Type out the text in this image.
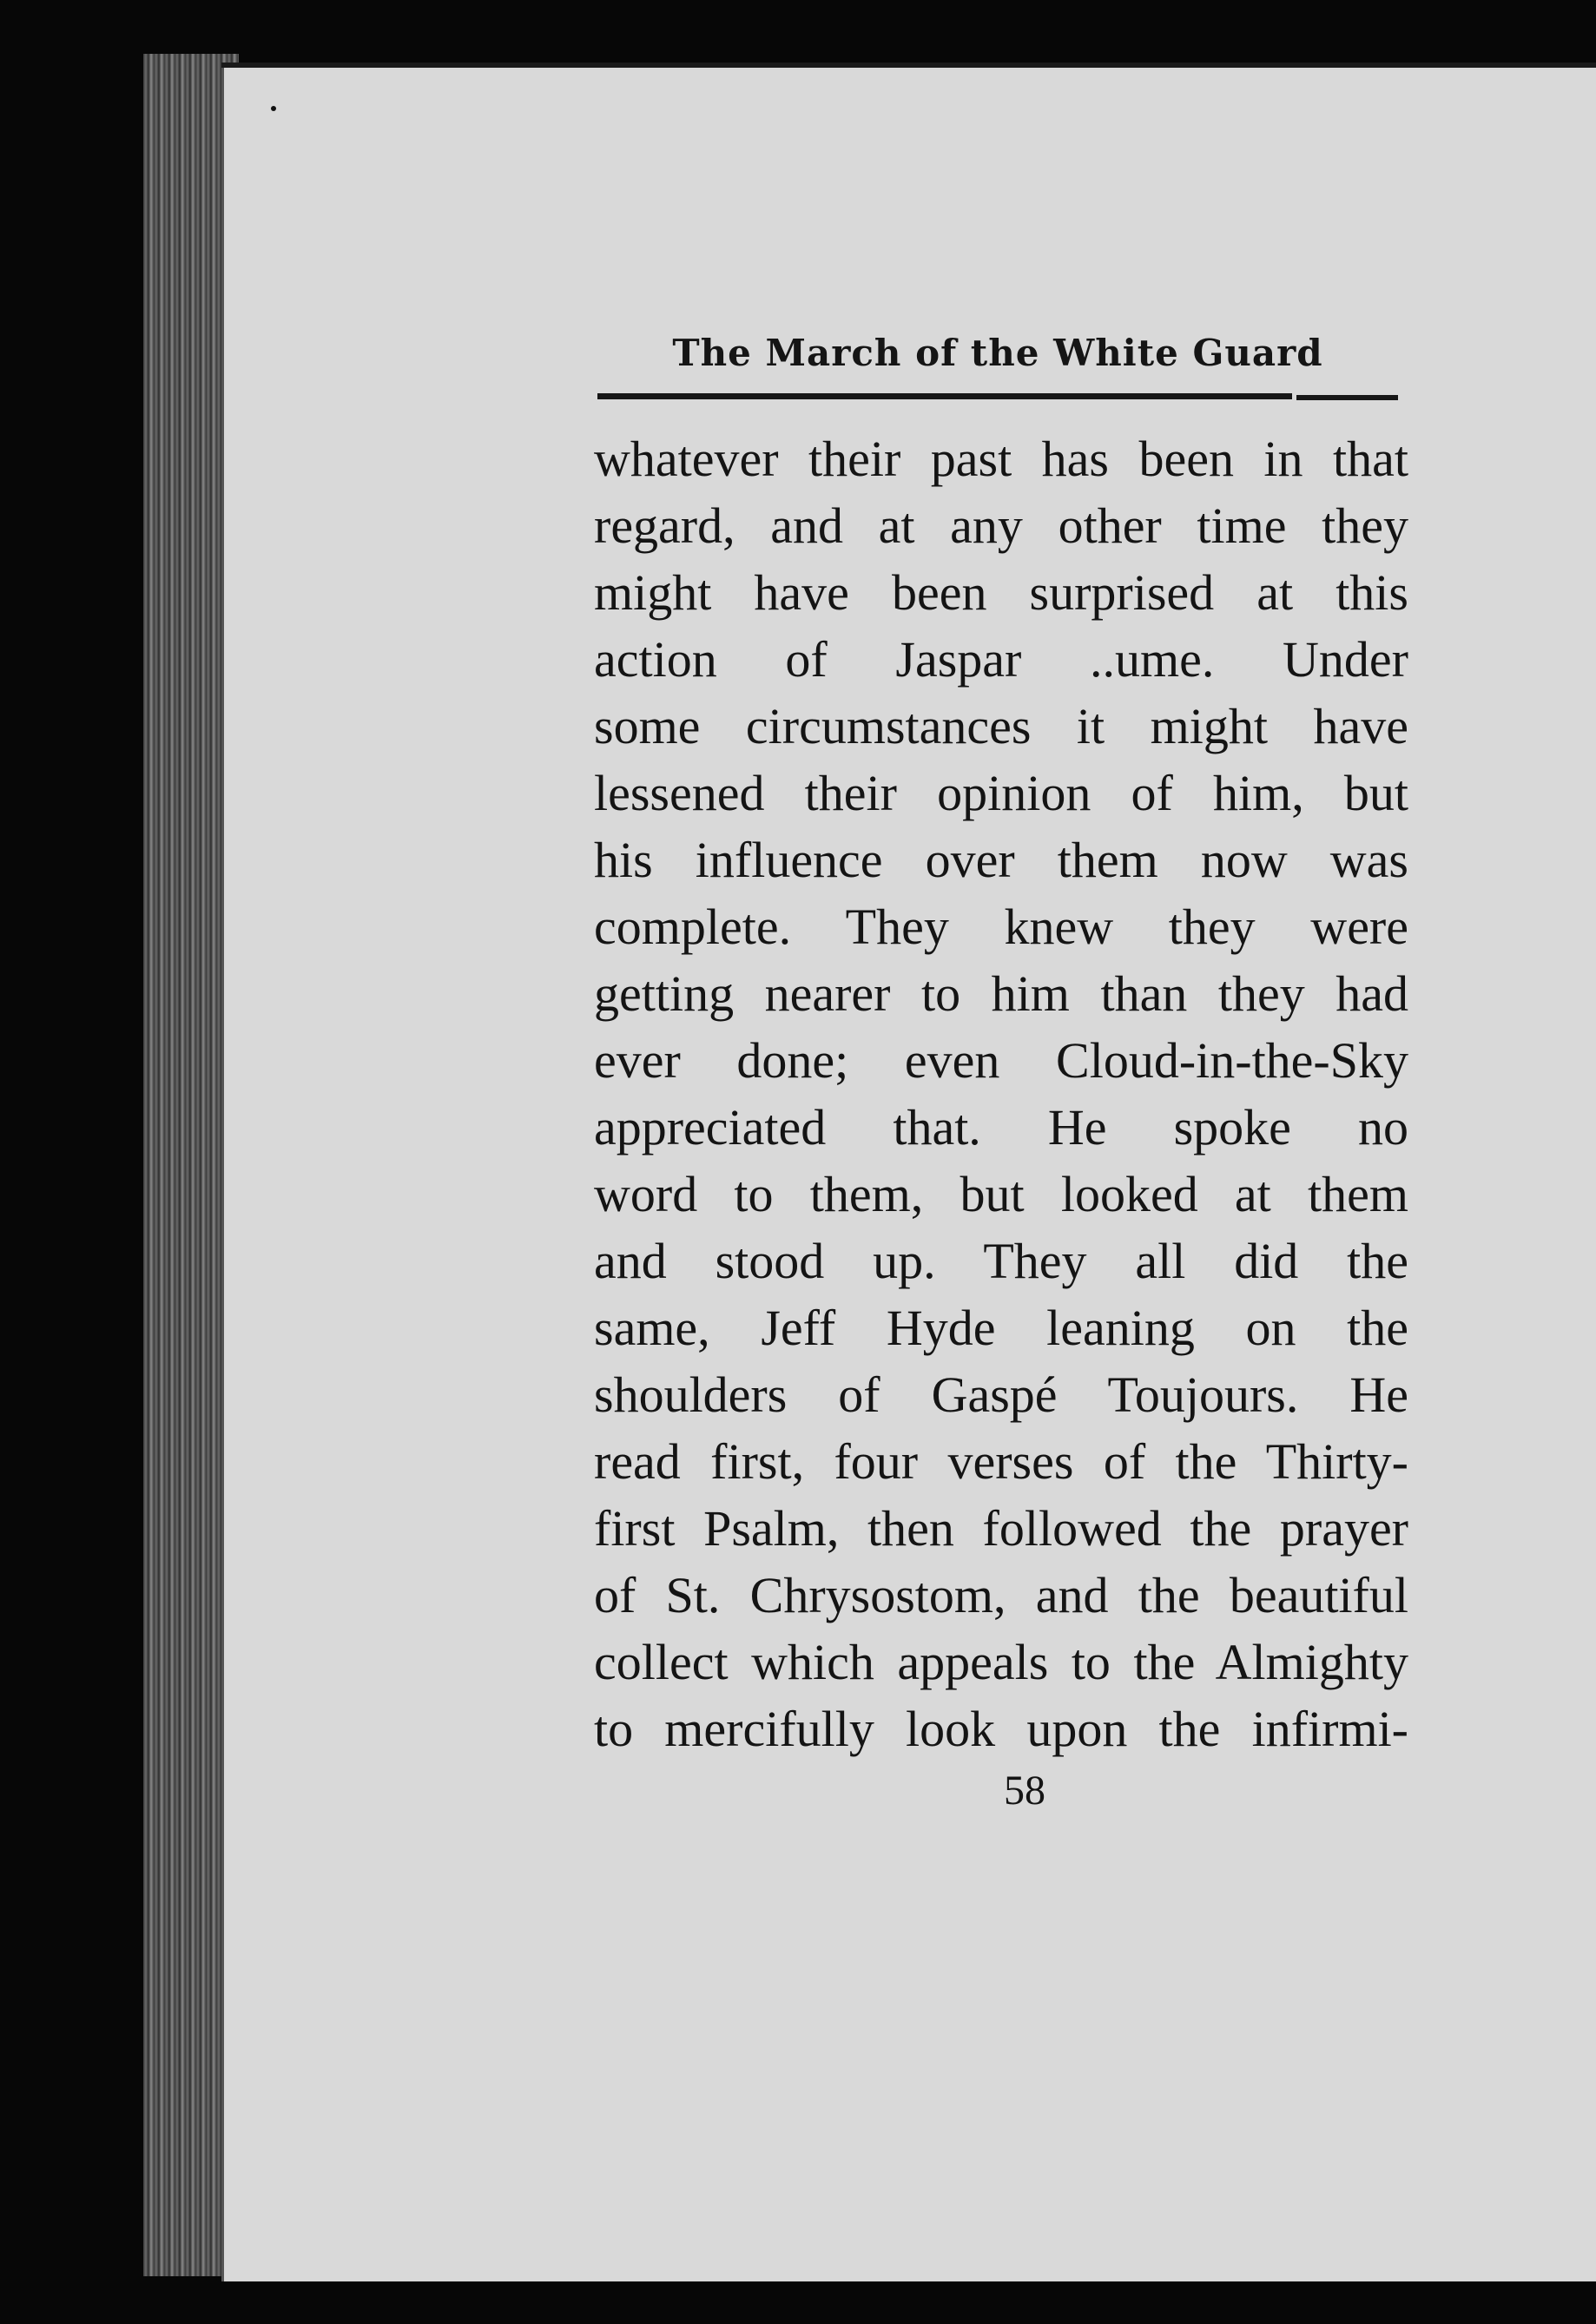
The March of the White Guard
whatever their past has been in that
regard, and at any other time they
might have been surprised at this
action of Jaspar ..ume. Under
some circumstances it might have
lessened their opinion of him, but
his influence over them now was
complete. They knew they were
getting nearer to him than they had
ever done; even Cloud-in-the-Sky
appreciated that. He spoke no
word to them, but looked at them
and stood up. They all did the
same, Jeff Hyde leaning on the
shoulders of Gaspé Toujours. He
read first, four verses of the Thirty-
first Psalm, then followed the prayer
of St. Chrysostom, and the beautiful
collect which appeals to the Almighty
to mercifully look upon the infirmi-
58
